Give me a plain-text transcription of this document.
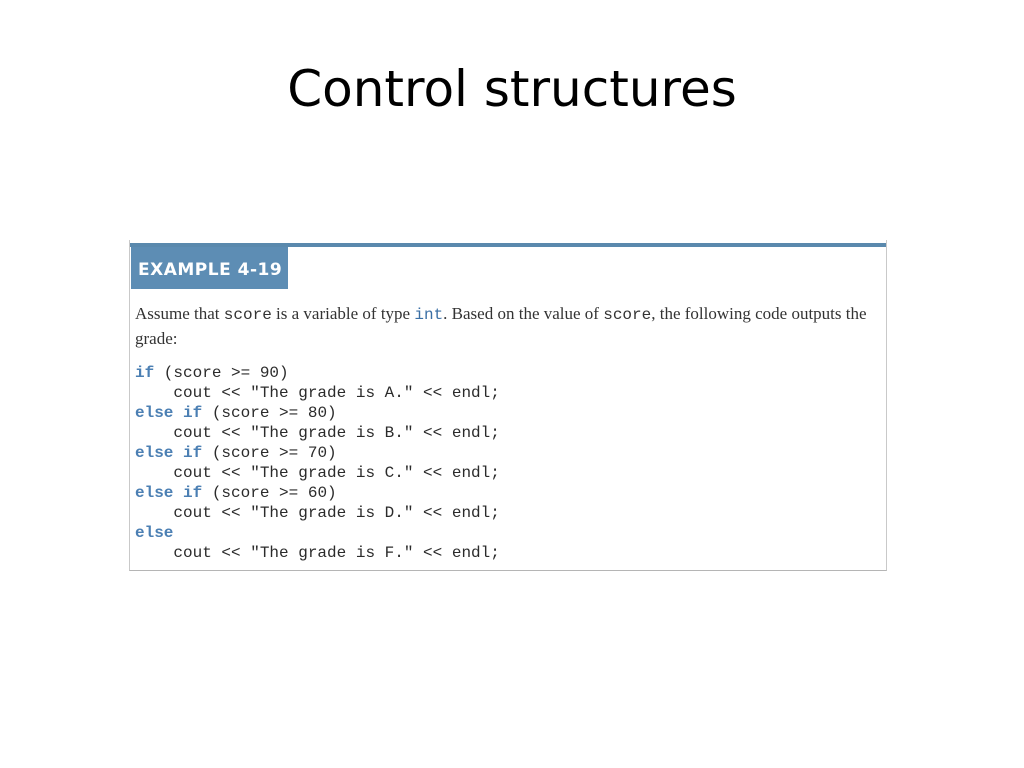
Control structures
EXAMPLE 4-19
Assume that score is a variable of type int. Based on the value of score, the following code outputs the grade:
if (score >= 90)
cout << "The grade is A." << endl;
else if (score >= 80)
cout << "The grade is B." << endl;
else if (score >= 70)
cout << "The grade is C." << endl;
else if (score >= 60)
cout << "The grade is D." << endl;
else
cout << "The grade is F." << endl;
